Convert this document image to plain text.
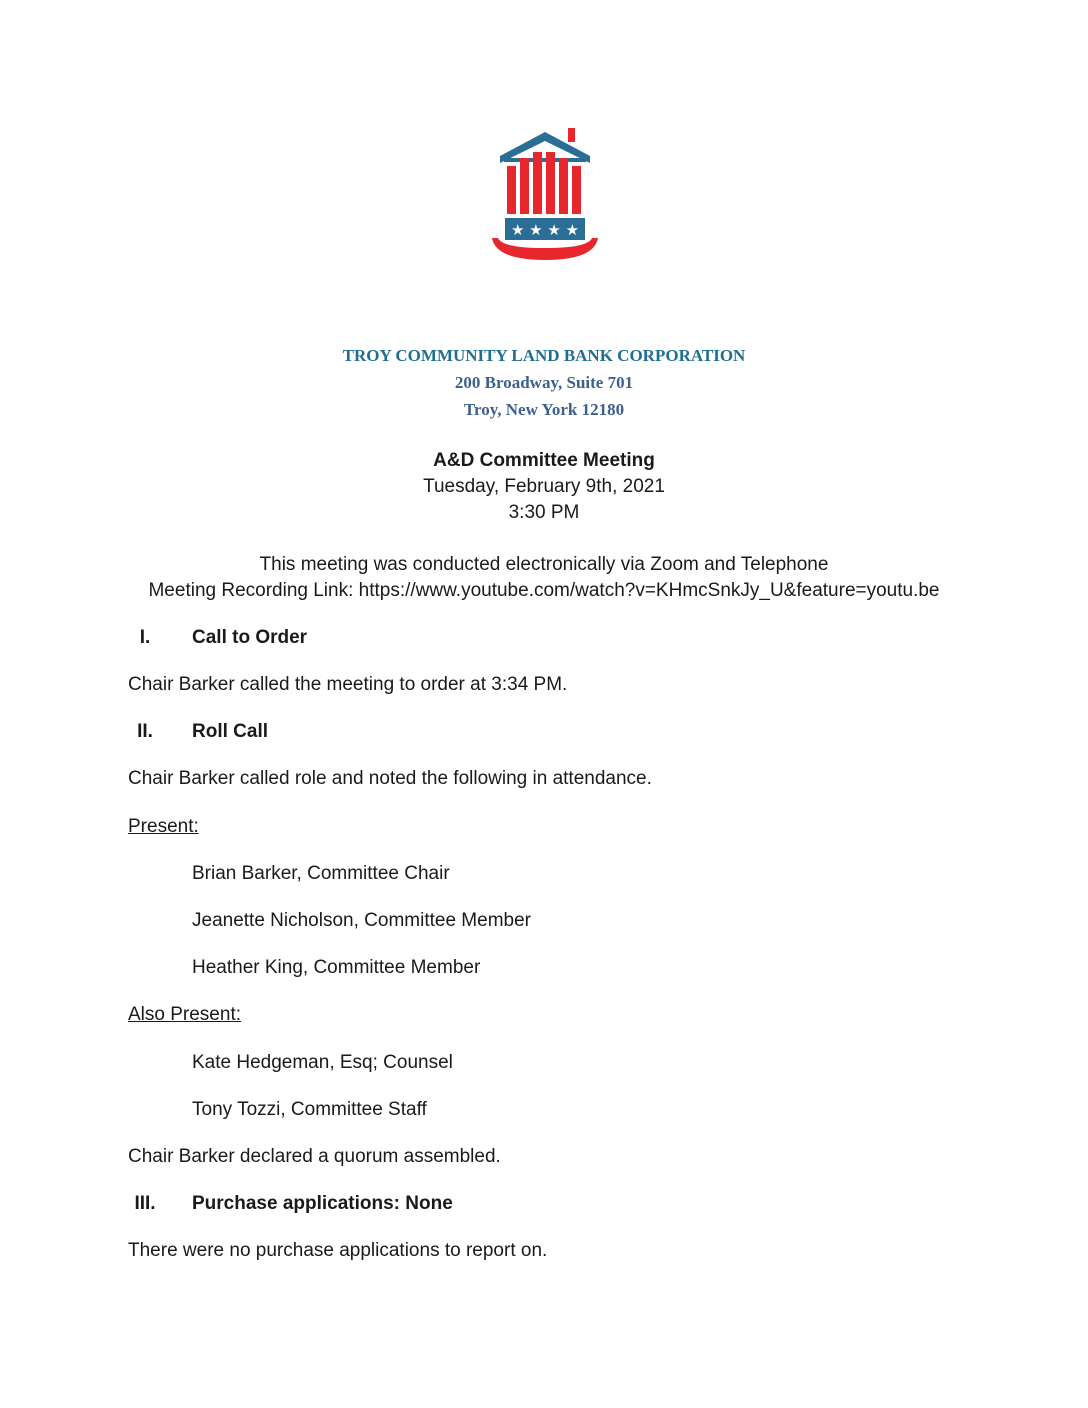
★ ★ ★ ★
TROY COMMUNITY LAND BANK CORPORATION
200 Broadway, Suite 701
Troy, New York 12180
A&D Committee Meeting
Tuesday, February 9th, 2021
3:30 PM
This meeting was conducted electronically via Zoom and Telephone
Meeting Recording Link: https://www.youtube.com/watch?v=KHmcSnkJy_U&feature=youtu.be
I.	Call to Order
Chair Barker called the meeting to order at 3:34 PM.
II.	Roll Call
Chair Barker called role and noted the following in attendance.
Present:
Brian Barker, Committee Chair
Jeanette Nicholson, Committee Member
Heather King, Committee Member
Also Present:
Kate Hedgeman, Esq; Counsel
Tony Tozzi, Committee Staff
Chair Barker declared a quorum assembled.
III.	Purchase applications: None
There were no purchase applications to report on.
